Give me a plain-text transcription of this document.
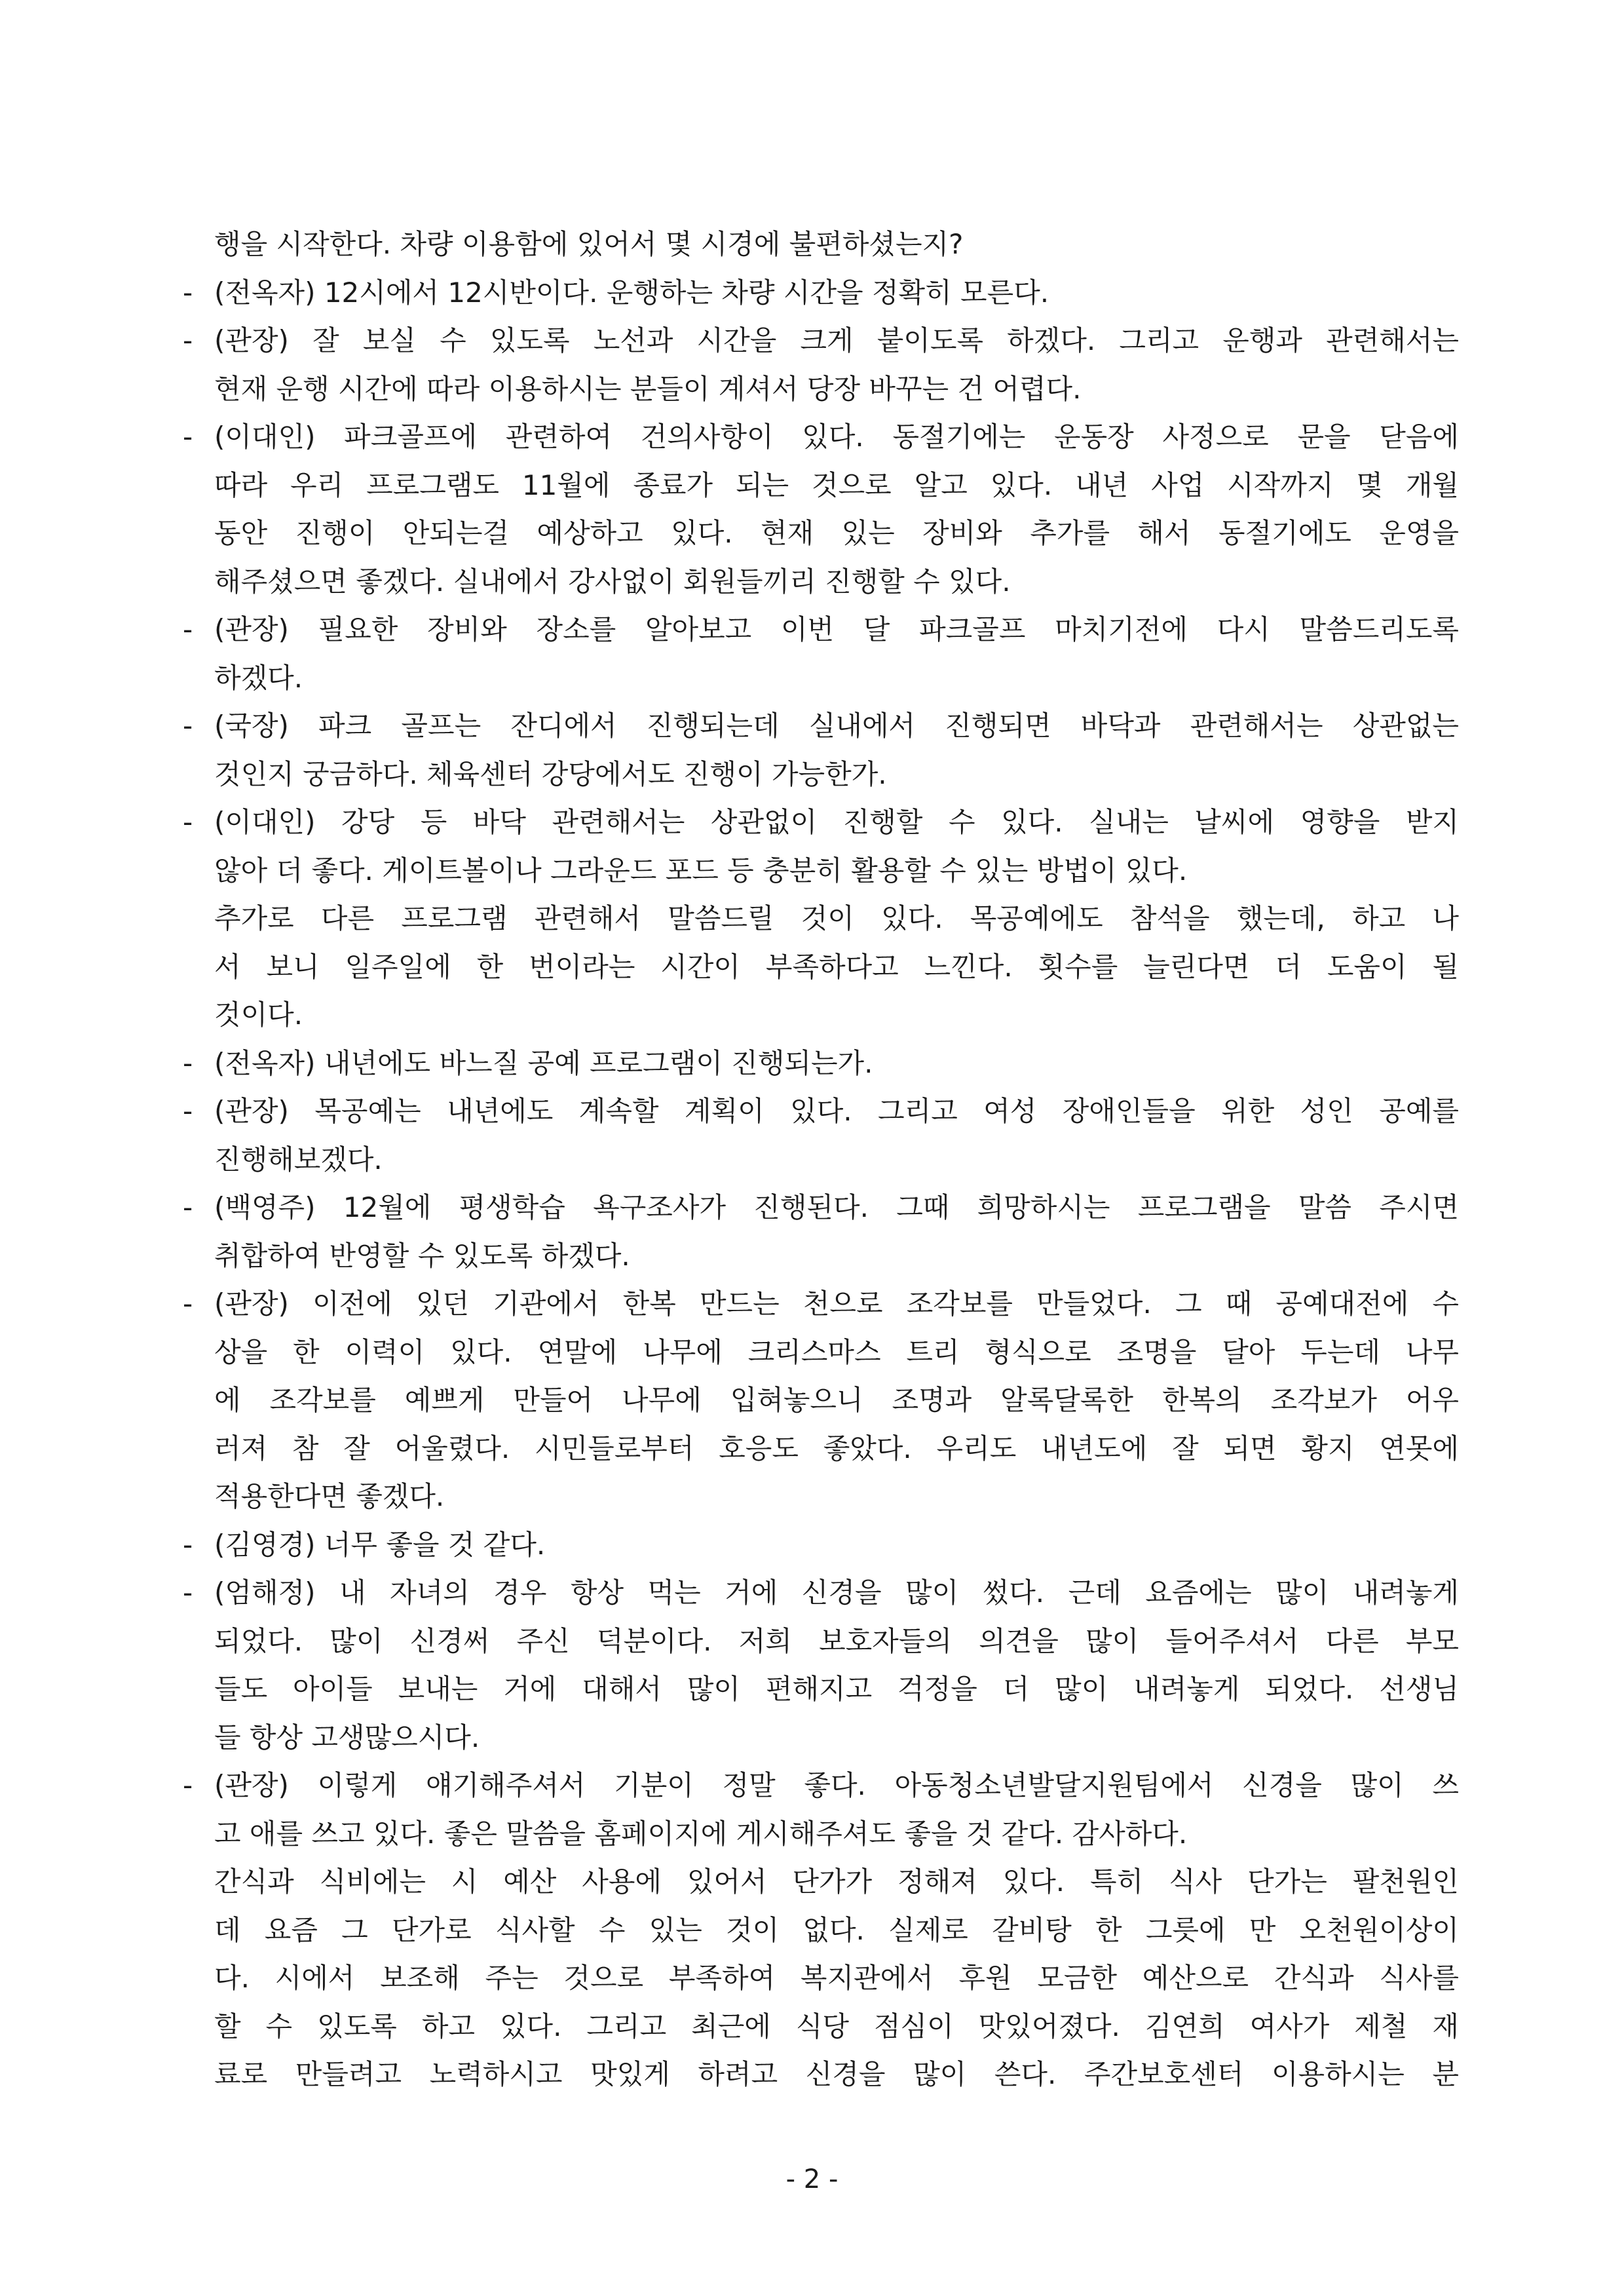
행을 시작한다. 차량 이용함에 있어서 몇 시경에 불편하셨는지?
- (전옥자) 12시에서 12시반이다. 운행하는 차량 시간을 정확히 모른다.
- (관장) 잘 보실 수 있도록 노선과 시간을 크게 붙이도록 하겠다. 그리고 운행과 관련해서는
현재 운행 시간에 따라 이용하시는 분들이 계셔서 당장 바꾸는 건 어렵다.
- (이대인) 파크골프에 관련하여 건의사항이 있다. 동절기에는 운동장 사정으로 문을 닫음에
따라 우리 프로그램도 11월에 종료가 되는 것으로 알고 있다. 내년 사업 시작까지 몇 개월
동안 진행이 안되는걸 예상하고 있다. 현재 있는 장비와 추가를 해서 동절기에도 운영을
해주셨으면 좋겠다. 실내에서 강사없이 회원들끼리 진행할 수 있다.
- (관장) 필요한 장비와 장소를 알아보고 이번 달 파크골프 마치기전에 다시 말씀드리도록
하겠다.
- (국장) 파크 골프는 잔디에서 진행되는데 실내에서 진행되면 바닥과 관련해서는 상관없는
것인지 궁금하다. 체육센터 강당에서도 진행이 가능한가.
- (이대인) 강당 등 바닥 관련해서는 상관없이 진행할 수 있다. 실내는 날씨에 영향을 받지
않아 더 좋다. 게이트볼이나 그라운드 포드 등 충분히 활용할 수 있는 방법이 있다.
추가로 다른 프로그램 관련해서 말씀드릴 것이 있다. 목공예에도 참석을 했는데, 하고 나
서 보니 일주일에 한 번이라는 시간이 부족하다고 느낀다. 횟수를 늘린다면 더 도움이 될
것이다.
- (전옥자) 내년에도 바느질 공예 프로그램이 진행되는가.
- (관장) 목공예는 내년에도 계속할 계획이 있다. 그리고 여성 장애인들을 위한 성인 공예를
진행해보겠다.
- (백영주) 12월에 평생학습 욕구조사가 진행된다. 그때 희망하시는 프로그램을 말씀 주시면
취합하여 반영할 수 있도록 하겠다.
- (관장) 이전에 있던 기관에서 한복 만드는 천으로 조각보를 만들었다. 그 때 공예대전에 수
상을 한 이력이 있다. 연말에 나무에 크리스마스 트리 형식으로 조명을 달아 두는데 나무
에 조각보를 예쁘게 만들어 나무에 입혀놓으니 조명과 알록달록한 한복의 조각보가 어우
러져 참 잘 어울렸다. 시민들로부터 호응도 좋았다. 우리도 내년도에 잘 되면 황지 연못에
적용한다면 좋겠다.
- (김영경) 너무 좋을 것 같다.
- (엄해정) 내 자녀의 경우 항상 먹는 거에 신경을 많이 썼다. 근데 요즘에는 많이 내려놓게
되었다. 많이 신경써 주신 덕분이다. 저희 보호자들의 의견을 많이 들어주셔서 다른 부모
들도 아이들 보내는 거에 대해서 많이 편해지고 걱정을 더 많이 내려놓게 되었다. 선생님
들 항상 고생많으시다.
- (관장) 이렇게 얘기해주셔서 기분이 정말 좋다. 아동청소년발달지원팀에서 신경을 많이 쓰
고 애를 쓰고 있다. 좋은 말씀을 홈페이지에 게시해주셔도 좋을 것 같다. 감사하다.
간식과 식비에는 시 예산 사용에 있어서 단가가 정해져 있다. 특히 식사 단가는 팔천원인
데 요즘 그 단가로 식사할 수 있는 것이 없다. 실제로 갈비탕 한 그릇에 만 오천원이상이
다. 시에서 보조해 주는 것으로 부족하여 복지관에서 후원 모금한 예산으로 간식과 식사를
할 수 있도록 하고 있다. 그리고 최근에 식당 점심이 맛있어졌다. 김연희 여사가 제철 재
료로 만들려고 노력하시고 맛있게 하려고 신경을 많이 쓴다. 주간보호센터 이용하시는 분
- 2 -
